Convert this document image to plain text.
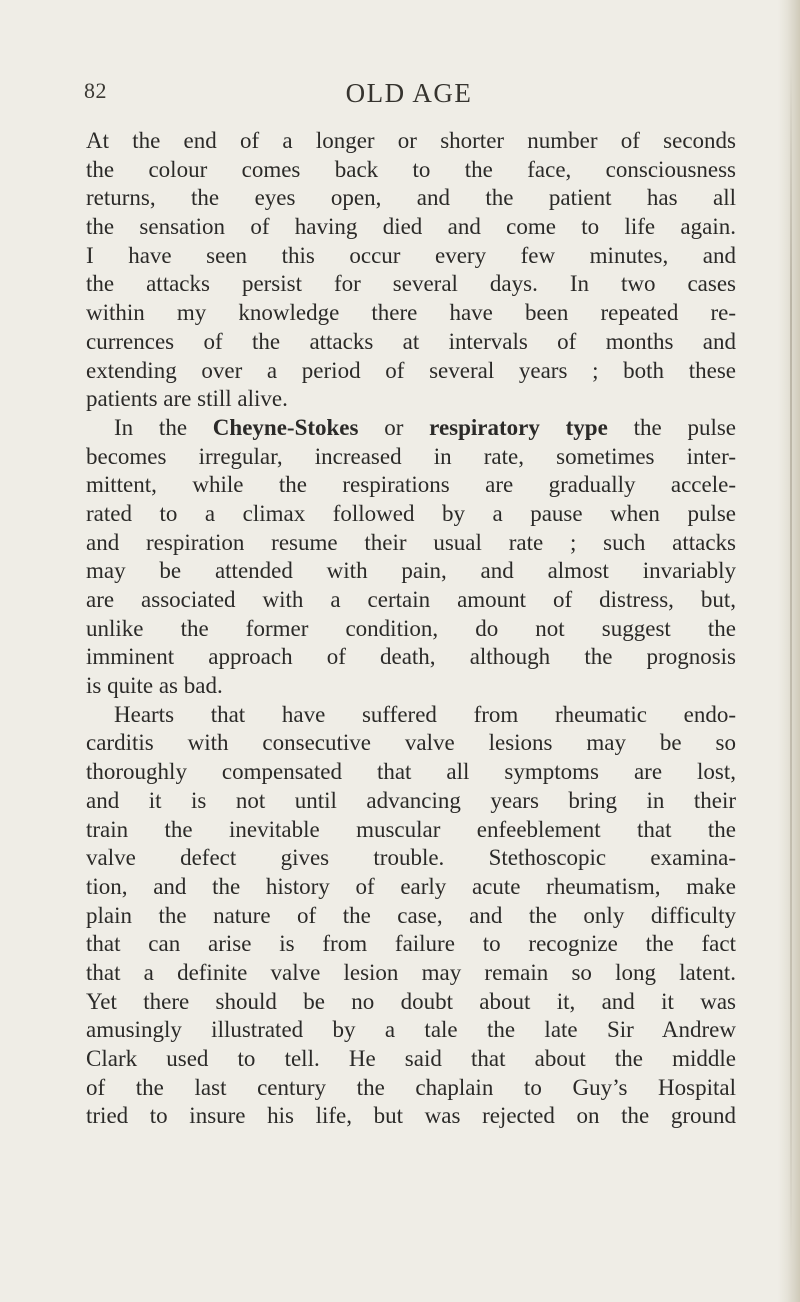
82	OLD AGE
At the end of a longer or shorter number of seconds
the colour comes back to the face, consciousness
returns, the eyes open, and the patient has all
the sensation of having died and come to life again.
I have seen this occur every few minutes, and
the attacks persist for several days. In two cases
within my knowledge there have been repeated re-
currences of the attacks at intervals of months and
extending over a period of several years ; both these
patients are still alive.
In the Cheyne-Stokes or respiratory type the pulse
becomes irregular, increased in rate, sometimes inter-
mittent, while the respirations are gradually accele-
rated to a climax followed by a pause when pulse
and respiration resume their usual rate ; such attacks
may be attended with pain, and almost invariably
are associated with a certain amount of distress, but,
unlike the former condition, do not suggest the
imminent approach of death, although the prognosis
is quite as bad.
Hearts that have suffered from rheumatic endo-
carditis with consecutive valve lesions may be so
thoroughly compensated that all symptoms are lost,
and it is not until advancing years bring in their
train the inevitable muscular enfeeblement that the
valve defect gives trouble. Stethoscopic examina-
tion, and the history of early acute rheumatism, make
plain the nature of the case, and the only difficulty
that can arise is from failure to recognize the fact
that a definite valve lesion may remain so long latent.
Yet there should be no doubt about it, and it was
amusingly illustrated by a tale the late Sir Andrew
Clark used to tell. He said that about the middle
of the last century the chaplain to Guy’s Hospital
tried to insure his life, but was rejected on the ground
